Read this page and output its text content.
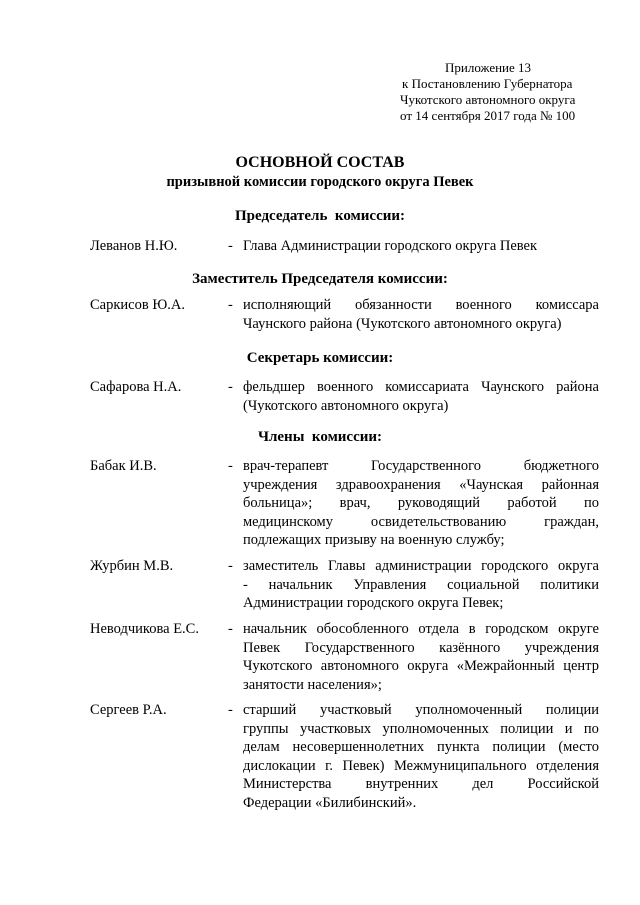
Приложение 13
к Постановлению Губернатора
Чукотского автономного округа
от 14 сентября 2017 года № 100
ОСНОВНОЙ СОСТАВ
призывной комиссии городского округа Певек
Председатель  комиссии:
Леванов Н.Ю.	- Глава Администрации городского округа Певек
Заместитель Председателя комиссии:
Саркисов Ю.А.	- исполняющий обязанности военного комиссара
Чаунского района (Чукотского автономного округа)
Секретарь комиссии:
Сафарова Н.А.	- фельдшер военного комиссариата Чаунского района
(Чукотского автономного округа)
Члены  комиссии:
Бабак И.В.	- врач-терапевт	Государственного	бюджетного
учреждения здравоохранения «Чаунская районная
больница»; врач, руководящий работой по
медицинскому	освидетельствованию	граждан,
подлежащих призыву на военную службу;
Журбин М.В.	- заместитель Главы администрации городского округа
- начальник Управления социальной политики
Администрации городского округа Певек;
Неводчикова Е.С. - начальник обособленного отдела в городском округе
Певек Государственного казённого учреждения
Чукотского автономного округа «Межрайонный центр
занятости населения»;
Сергеев Р.А.	- старший участковый уполномоченный полиции
группы участковых уполномоченных полиции и по
делам несовершеннолетних пункта полиции (место
дислокации г. Певек) Межмуниципального отделения
Министерства внутренних дел Российской
Федерации «Билибинский».
